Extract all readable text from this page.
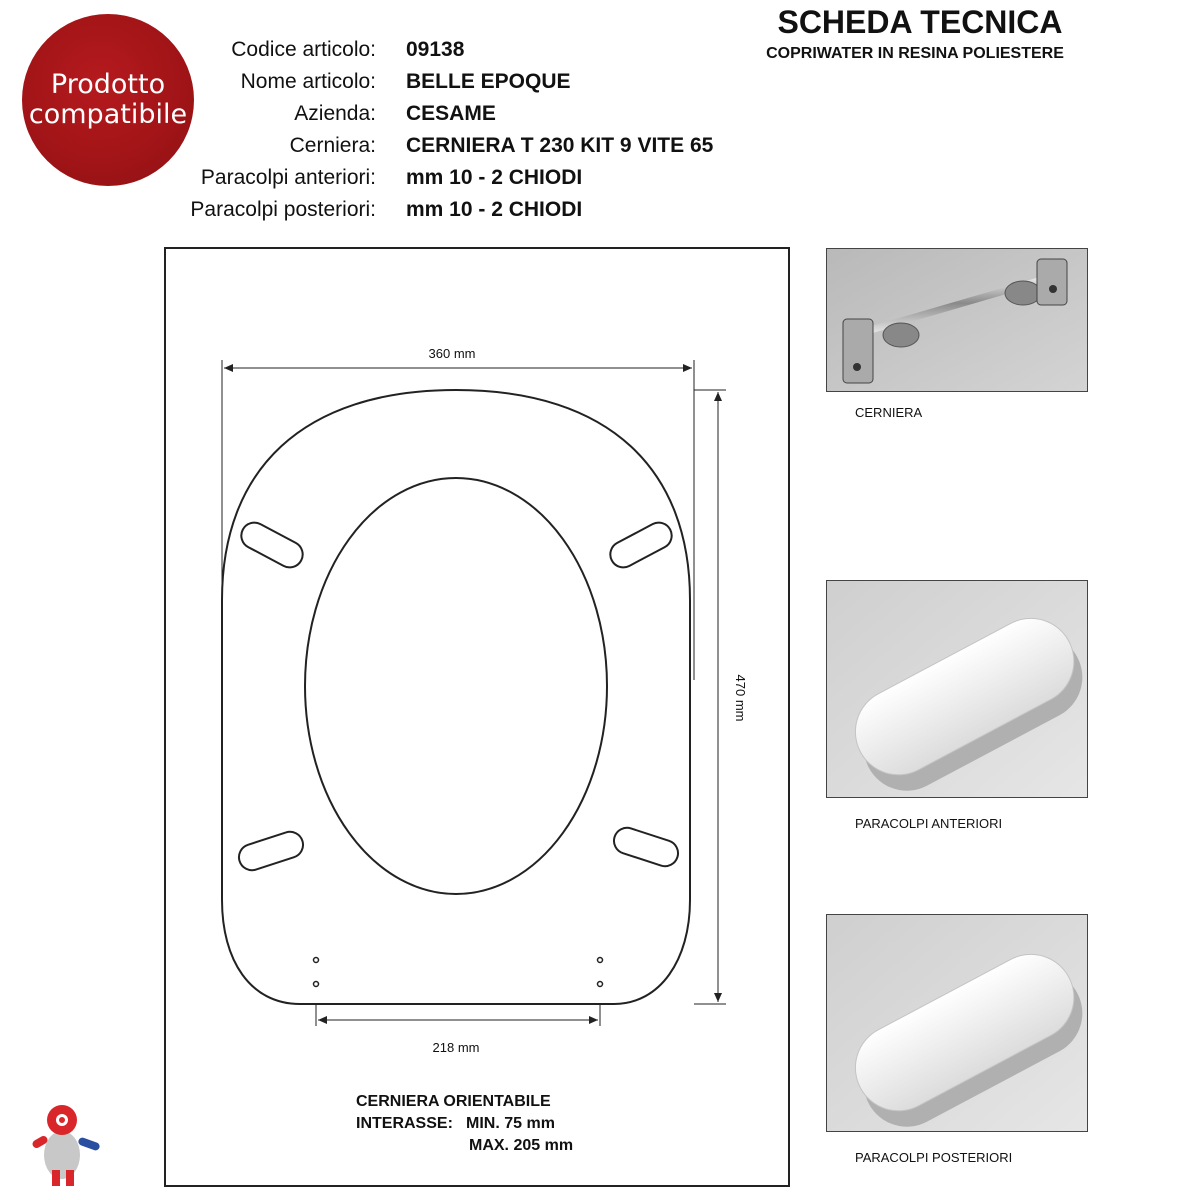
Prodotto
compatibile
SCHEDA TECNICA
COPRIWATER IN RESINA POLIESTERE
Codice articolo: 09138
Nome articolo: BELLE EPOQUE
Azienda: CESAME
Cerniera: CERNIERA T 230 KIT 9 VITE 65
Paracolpi anteriori: mm 10 - 2 CHIODI
Paracolpi posteriori: mm 10 - 2 CHIODI
360 mm
470 mm
218 mm
CERNIERA ORIENTABILE
INTERASSE: MIN. 75 mm
MAX. 205 mm
CERNIERA
PARACOLPI ANTERIORI
PARACOLPI POSTERIORI
